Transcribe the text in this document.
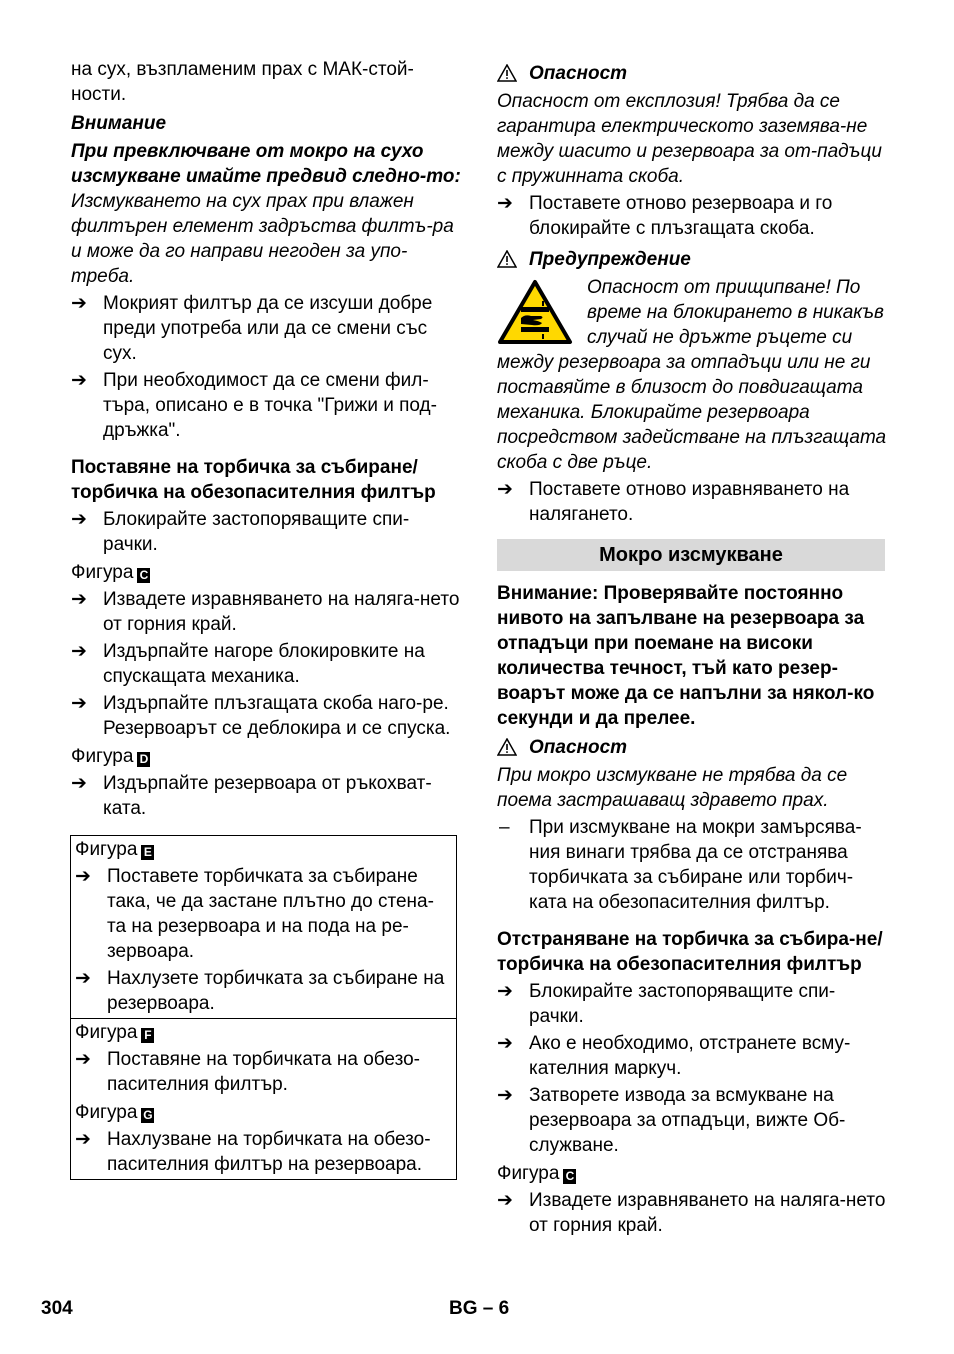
на сух, възпламеним прах с МАК-стой-ности.

Внимание

При превключване от мокро на сухо изсмукване имайте предвид следно-то:

Изсмукването на сух прах при влажен филтърен елемент задръства филтъ-ра и може да го направи негоден за упо-треба.

➔ Мокрият филтър да се изсуши добре преди употреба или да се смени със сух.
➔ При необходимост да се смени фил-търа, описано е в точка "Грижи и под-дръжка".

Поставяне на торбичка за събиране/ торбичка на обезопасителния филтър

➔ Блокирайте застопоряващите спи-рачки.

Фигура C

➔ Извадете изравняването на наляга-нето от горния край.
➔ Издърпайте нагоре блокировките на спускащата механика.
➔ Издърпайте плъзгащата скоба наго-ре. Резервоарът се деблокира и се спуска.

Фигура D

➔ Издърпайте резервоара от ръкохват-ката.

Фигура E

➔ Поставете торбичката за събиране така, че да застане плътно до стена-та на резервоара и на пода на ре-зервоара.
➔ Нахлузете торбичката за събиране на резервоара.

Фигура F

➔ Поставяне на торбичката на обезо-пасителния филтър.

Фигура G

➔ Нахлузване на торбичката на обезо-пасителния филтър на резервоара.

Опасност

Опасност от експлозия! Трябва да се гарантира електрическото заземява-не между шасито и резервоара за от-падъци с пружинната скоба.

➔ Поставете отново резервоара и го блокирайте с плъзгащата скоба.

Предупреждение

Опасност от прищипване! По време на блокирането в никакъв случай не дръжте ръцете си между резервоара за отпадъци или не ги поставяйте в близост до повдигащата механика. Блокирайте резервоара посредством задействане на плъзгащата скоба с две ръце.

➔ Поставете отново изравняването на налягането.
Мокро изсмукване

Внимание: Проверявайте постоянно нивото на запълване на резервоара за отпадъци при поемане на високи количества течност, тъй като резер-воарът може да се напълни за някол-ко секунди и да прелее.

Опасност

При мокро изсмукване не трябва да се поема застрашаващ здравето прах.

– При изсмукване на мокри замърсява-ния винаги трябва да се отстранява торбичката за събиране или торбич-ката на обезопасителния филтър.

Отстраняване на торбичка за събира-не/торбичка на обезопасителния филтър

➔ Блокирайте застопоряващите спи-рачки.
➔ Ако е необходимо, отстранете всму-кателния маркуч.
➔ Затворете извода за всмукване на резервоара за отпадъци, вижте Об-служване.

Фигура C

➔ Извадете изравняването на наляга-нето от горния край.
304	BG – 6
